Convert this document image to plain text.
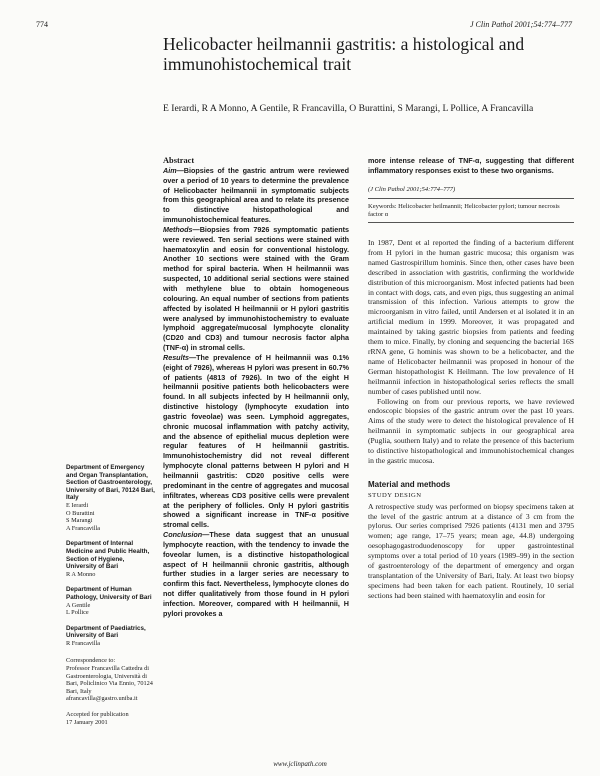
774	J Clin Pathol 2001;54:774–777
Helicobacter heilmannii gastritis: a histological and immunohistochemical trait
E Ierardi, R A Monno, A Gentile, R Francavilla, O Burattini, S Marangi, L Pollice, A Francavilla
Department of Emergency and Organ Transplantation, Section of Gastroenterology, University of Bari, 70124 Bari, Italy
E Ierardi
O Burattini
S Marangi
A Francavilla
Department of Internal Medicine and Public Health, Section of Hygiene, University of Bari
R A Monno
Department of Human Pathology, University of Bari
A Gentile
L Pollice
Department of Paediatrics, University of Bari
R Francavilla
Correspondence to:
Professor Francavilla Cattedra di Gastroenterologia, Università di Bari, Policlinico Via Ennio, 70124 Bari, Italy afrancavilla@gastro.uniba.it
Accepted for publication
17 January 2001
Abstract

Aim—Biopsies of the gastric antrum were reviewed over a period of 10 years to determine the prevalence of Helicobacter heilmannii in symptomatic subjects from this geographical area and to relate its presence to distinctive histopathological and immunohistochemical features.

Methods—Biopsies from 7926 symptomatic patients were reviewed. Ten serial sections were stained with haematoxylin and eosin for conventional histology. Another 10 sections were stained with the Gram method for spiral bacteria. When H heilmannii was suspected, 10 additional serial sections were stained with methylene blue to obtain homogeneous colouring. An equal number of sections from patients affected by isolated H heilmannii or H pylori gastritis were analysed by immunohistochemistry to evaluate lymphoid aggregate/mucosal lymphocyte clonality (CD20 and CD3) and tumour necrosis factor alpha (TNF-α) in stromal cells.

Results—The prevalence of H heilmannii was 0.1% (eight of 7926), whereas H pylori was present in 60.7% of patients (4813 of 7926). In two of the eight H heilmannii positive patients both helicobacters were found. In all subjects infected by H heilmannii only, distinctive histology (lymphocyte exudation into gastric foveolae) was seen. Lymphoid aggregates, chronic mucosal inflammation with patchy activity, and the absence of epithelial mucus depletion were regular features of H heilmannii gastritis. Immunohistochemistry did not reveal different lymphocyte clonal patterns between H pylori and H heilmannii gastritis: CD20 positive cells were predominant in the centre of aggregates and mucosal infiltrates, whereas CD3 positive cells were prevalent at the periphery of follicles. Only H pylori gastritis showed a significant increase in TNF-α positive stromal cells.

Conclusion—These data suggest that an unusual lymphocyte reaction, with the tendency to invade the foveolar lumen, is a distinctive histopathological aspect of H heilmannii chronic gastritis, although further studies in a larger series are necessary to confirm this fact. Nevertheless, lymphocyte clones do not differ qualitatively from those found in H pylori infection. Moreover, compared with H heilmannii, H pylori provokes a

more intense release of TNF-α, suggesting that different inflammatory responses exist to these two organisms.
(J Clin Pathol 2001;54:774–777)
Keywords: Helicobacter heilmannii; Helicobacter pylori; tumour necrosis factor α

In 1987, Dent et al reported the finding of a bacterium different from H pylori in the human gastric mucosa; this organism was named Gastrospirillum hominis. Since then, other cases have been described in association with gastritis, confirming the worldwide distribution of this microorganism. Most infected patients had been in contact with dogs, cats, and even pigs, thus suggesting an animal transmission of this infection. Various attempts to grow the microorganism in vitro failed, until Andersen et al isolated it in an artificial medium in 1999. Moreover, it was propagated and maintained by taking gastric biopsies from patients and feeding them to mice. Finally, by cloning and sequencing the bacterial 16S rRNA gene, G hominis was shown to be a helicobacter, and the name of Helicobacter heilmannii was proposed in honour of the German histopathologist K Heilmann. The low prevalence of H heilmannii infection in histopathological series reflects the small number of cases published until now.

Following on from our previous reports, we have reviewed endoscopic biopsies of the gastric antrum over the past 10 years. Aims of the study were to detect the histological prevalence of H heilmannii in symptomatic subjects in our geographical area (Puglia, southern Italy) and to relate the presence of this bacterium to distinctive histopathological and immunohistochemical changes in the gastric mucosa.

Material and methods
STUDY DESIGN

A retrospective study was performed on biopsy specimens taken at the level of the gastric antrum at a distance of 3 cm from the pylorus. Our series comprised 7926 patients (4131 men and 3795 women; age range, 17–75 years; mean age, 44.8) undergoing oesophagogastroduodenoscopy for upper gastrointestinal symptoms over a total period of 10 years (1989–99) in the section of gastroenterology of the department of emergency and organ transplantation of the University of Bari, Italy. At least two biopsy specimens had been taken for each patient. Routinely, 10 serial sections had been stained with haematoxylin and eosin for

www.jclinpath.com
